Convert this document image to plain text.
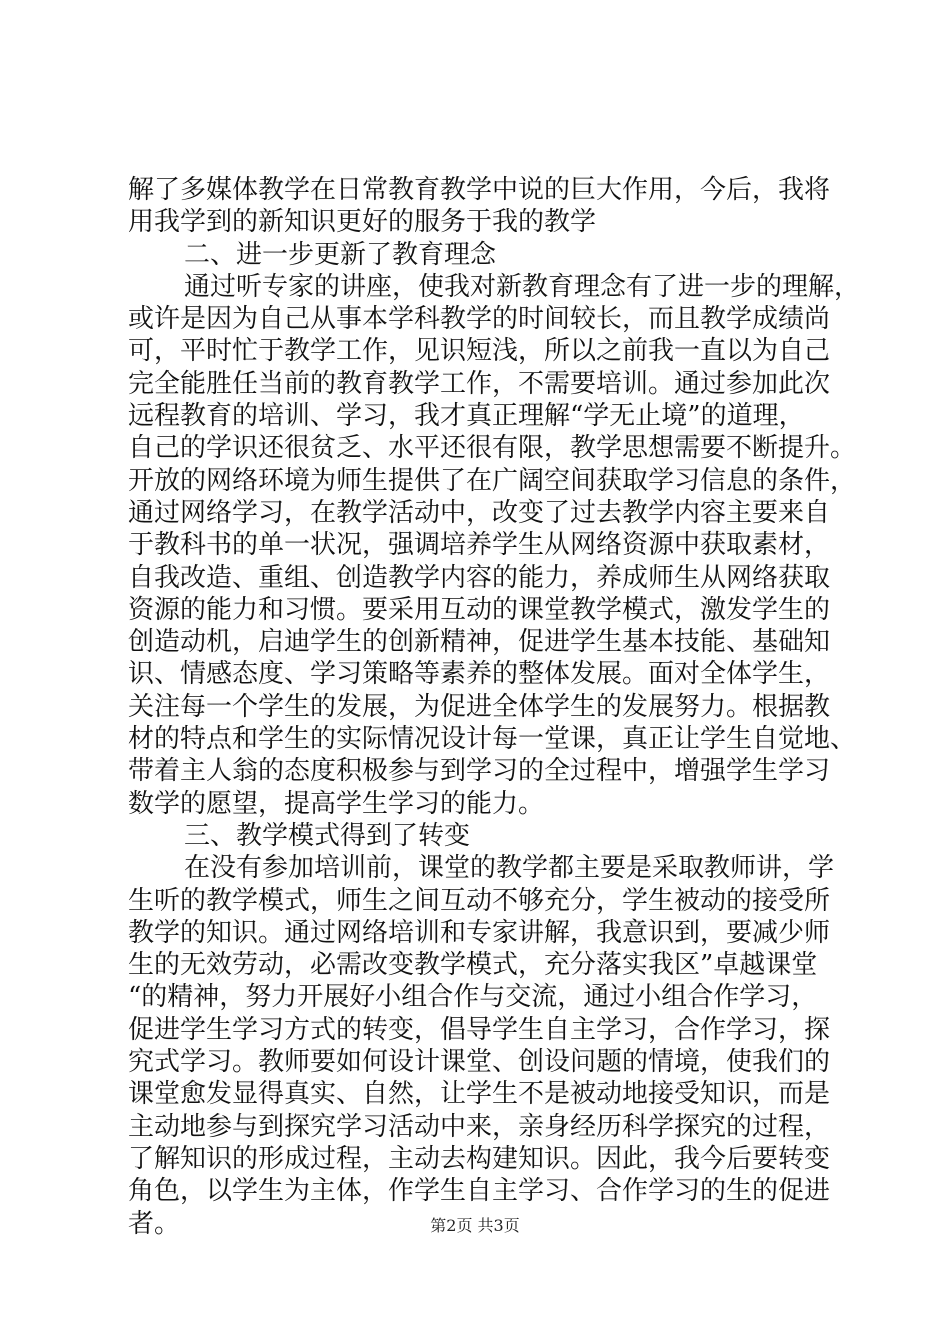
解了多媒体教学在日常教育教学中说的巨大作用，今后，我将
用我学到的新知识更好的服务于我的教学
二、进一步更新了教育理念
通过听专家的讲座，使我对新教育理念有了进一步的理解，
或许是因为自己从事本学科教学的时间较长，而且教学成绩尚
可，平时忙于教学工作，见识短浅，所以之前我一直以为自己
完全能胜任当前的教育教学工作，不需要培训。通过参加此次
远程教育的培训、学习，我才真正理解“学无止境”的道理，
自己的学识还很贫乏、水平还很有限，教学思想需要不断提升。
开放的网络环境为师生提供了在广阔空间获取学习信息的条件，
通过网络学习，在教学活动中，改变了过去教学内容主要来自
于教科书的单一状况，强调培养学生从网络资源中获取素材，
自我改造、重组、创造教学内容的能力，养成师生从网络获取
资源的能力和习惯。要采用互动的课堂教学模式，激发学生的
创造动机，启迪学生的创新精神，促进学生基本技能、基础知
识、情感态度、学习策略等素养的整体发展。面对全体学生，
关注每一个学生的发展，为促进全体学生的发展努力。根据教
材的特点和学生的实际情况设计每一堂课，真正让学生自觉地、
带着主人翁的态度积极参与到学习的全过程中，增强学生学习
数学的愿望，提高学生学习的能力。
三、教学模式得到了转变
在没有参加培训前，课堂的教学都主要是采取教师讲，学
生听的教学模式，师生之间互动不够充分，学生被动的接受所
教学的知识。通过网络培训和专家讲解，我意识到，要减少师
生的无效劳动，必需改变教学模式，充分落实我区”卓越课堂
“的精神，努力开展好小组合作与交流，通过小组合作学习，
促进学生学习方式的转变，倡导学生自主学习，合作学习，探
究式学习。教师要如何设计课堂、创设问题的情境，使我们的
课堂愈发显得真实、自然，让学生不是被动地接受知识，而是
主动地参与到探究学习活动中来，亲身经历科学探究的过程，
了解知识的形成过程，主动去构建知识。因此，我今后要转变
角色，以学生为主体，作学生自主学习、合作学习的生的促进
者。	第2页 共3页
